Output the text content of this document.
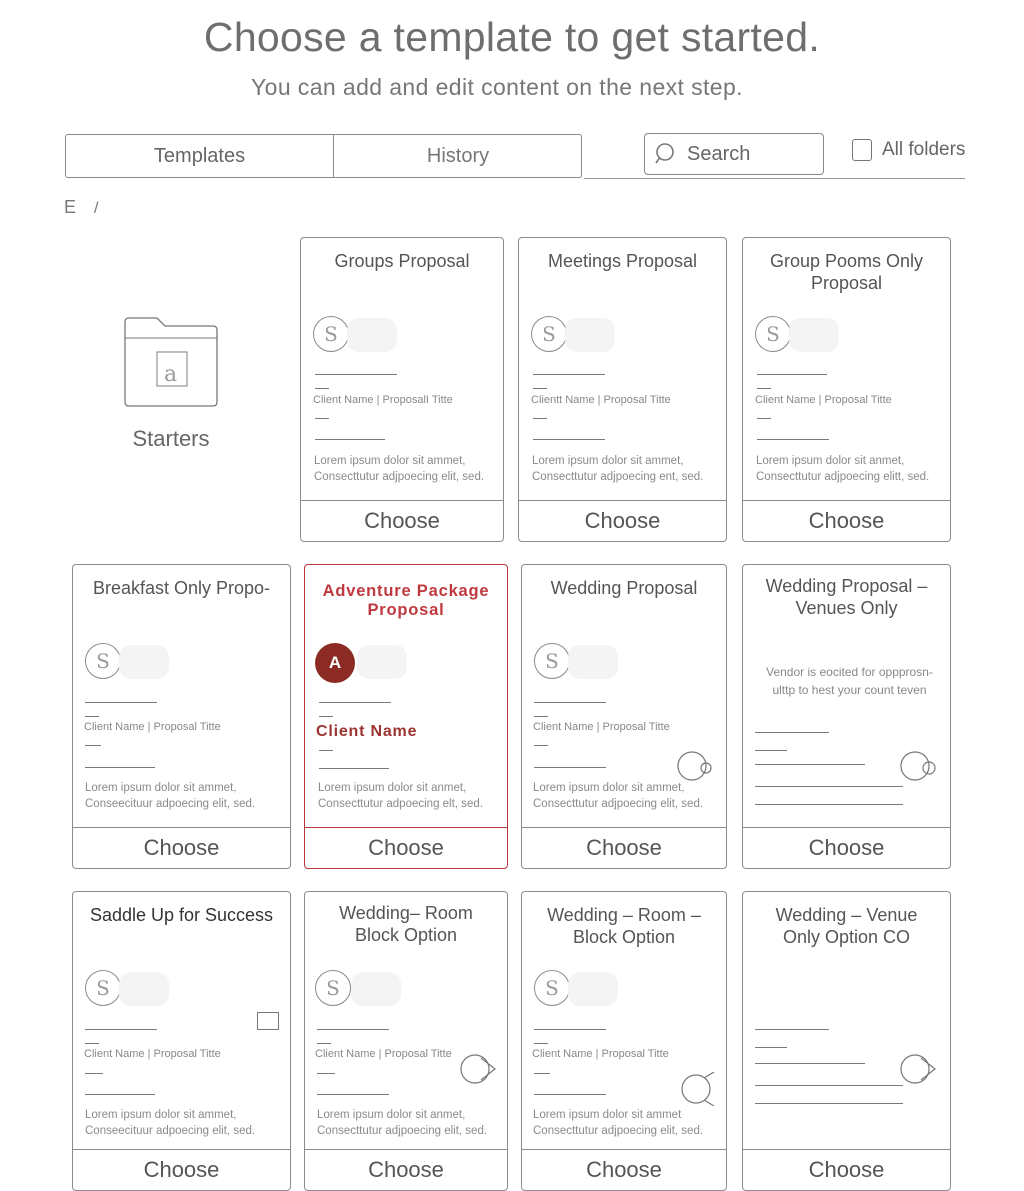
Choose a template to get started.
You can add and edit content on the next step.
Templates	History
Search	All folders
E /
a
Starters
Groups Proposal
S
Client Name | ProposalI Titte
Lorem ipsum dolor sit ammet,
Consecttutur adjpoecing elit, sed.
Choose
Meetings Proposal
S
Clientt Name | Proposal Titte
Lorem ipsum dolor sit ammet,
Consecttutur adjpoecing ent, sed.
Choose
Group Pooms Only Proposal
S
Client Name | Proposal Titte
Lorem ipsum dolor sit anmet,
Consecttutur adjpoecing elitt, sed.
Choose
Breakfast Only Propo-
S
Client Name | Proposal Titte
Lorem ipsum dolor sit ammet,
Conseecituur adpoecing elit, sed.
Choose
Adventure Package Proposal
A
Client Name
Lorem ipsum dolor sit anmet,
Consecttutur adpoecing elt, sed.
Choose
Wedding Proposal
S
Client Name | Proposal Titte
Lorem ipsum dolor sit ammet,
Consecttutur adjpoecing elit, sed.
Choose
Wedding Proposal – Venues Only
Vendor is eocited for oppprosn-
ulttp to hest your count teven
Choose
Saddle Up for Success
S
Client Name | Proposal Titte
Lorem ipsum dolor sit ammet,
Conseecituur adpoecing elit, sed.
Choose
Wedding– Room Block Option
S
Client Name | Proposal Titte
Lorem ipsum dolor sit anmet,
Consecttutur adjpoecing elit, sed.
Choose
Wedding – Room – Block Option
S
Client Name | Proposal Titte
Lorem ipsum dolor sit ammet
Consecttutur adjpoecing elit, sed.
Choose
Wedding – Venue Only Option CO
Choose
